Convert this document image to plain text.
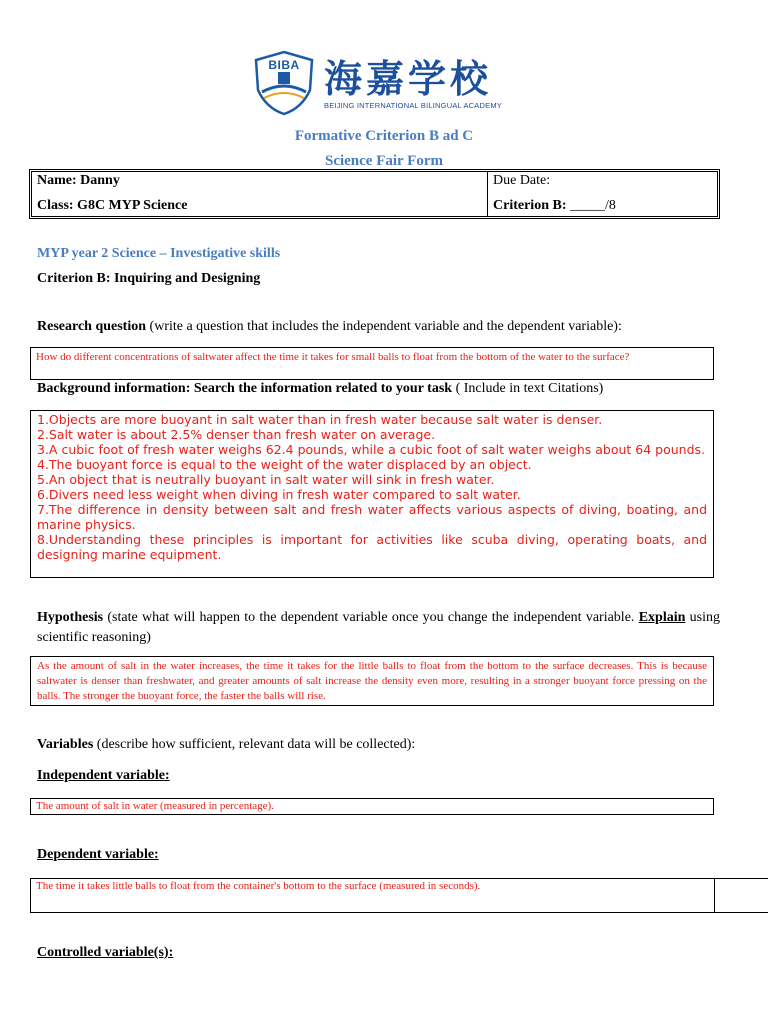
BIBA 海嘉学校
BEIJING INTERNATIONAL BILINGUAL ACADEMY
Formative Criterion B ad C
Science Fair Form
Name: Danny
Class: G8C MYP Science
Due Date:
Criterion B: _____/8
MYP year 2 Science – Investigative skills
Criterion B: Inquiring and Designing
Research question (write a question that includes the independent variable and the dependent variable):
How do different concentrations of saltwater affect the time it takes for small balls to float from the bottom of the water to the surface?
Background information: Search the information related to your task ( Include in text Citations)
1.Objects are more buoyant in salt water than in fresh water because salt water is denser.
2.Salt water is about 2.5% denser than fresh water on average.
3.A cubic foot of fresh water weighs 62.4 pounds, while a cubic foot of salt water weighs about 64 pounds.
4.The buoyant force is equal to the weight of the water displaced by an object.
5.An object that is neutrally buoyant in salt water will sink in fresh water.
6.Divers need less weight when diving in fresh water compared to salt water.
7.The difference in density between salt and fresh water affects various aspects of diving, boating, and marine physics.
8.Understanding these principles is important for activities like scuba diving, operating boats, and designing marine equipment.
Hypothesis (state what will happen to the dependent variable once you change the independent variable. Explain using scientific reasoning)
As the amount of salt in the water increases, the time it takes for the little balls to float from the bottom to the surface decreases. This is because saltwater is denser than freshwater, and greater amounts of salt increase the density even more, resulting in a stronger buoyant force pressing on the balls. The stronger the buoyant force, the faster the balls will rise.
Variables (describe how sufficient, relevant data will be collected):
Independent variable:
The amount of salt in water (measured in percentage).
Dependent variable:
The time it takes little balls to float from the container's bottom to the surface (measured in seconds).
Controlled variable(s):
